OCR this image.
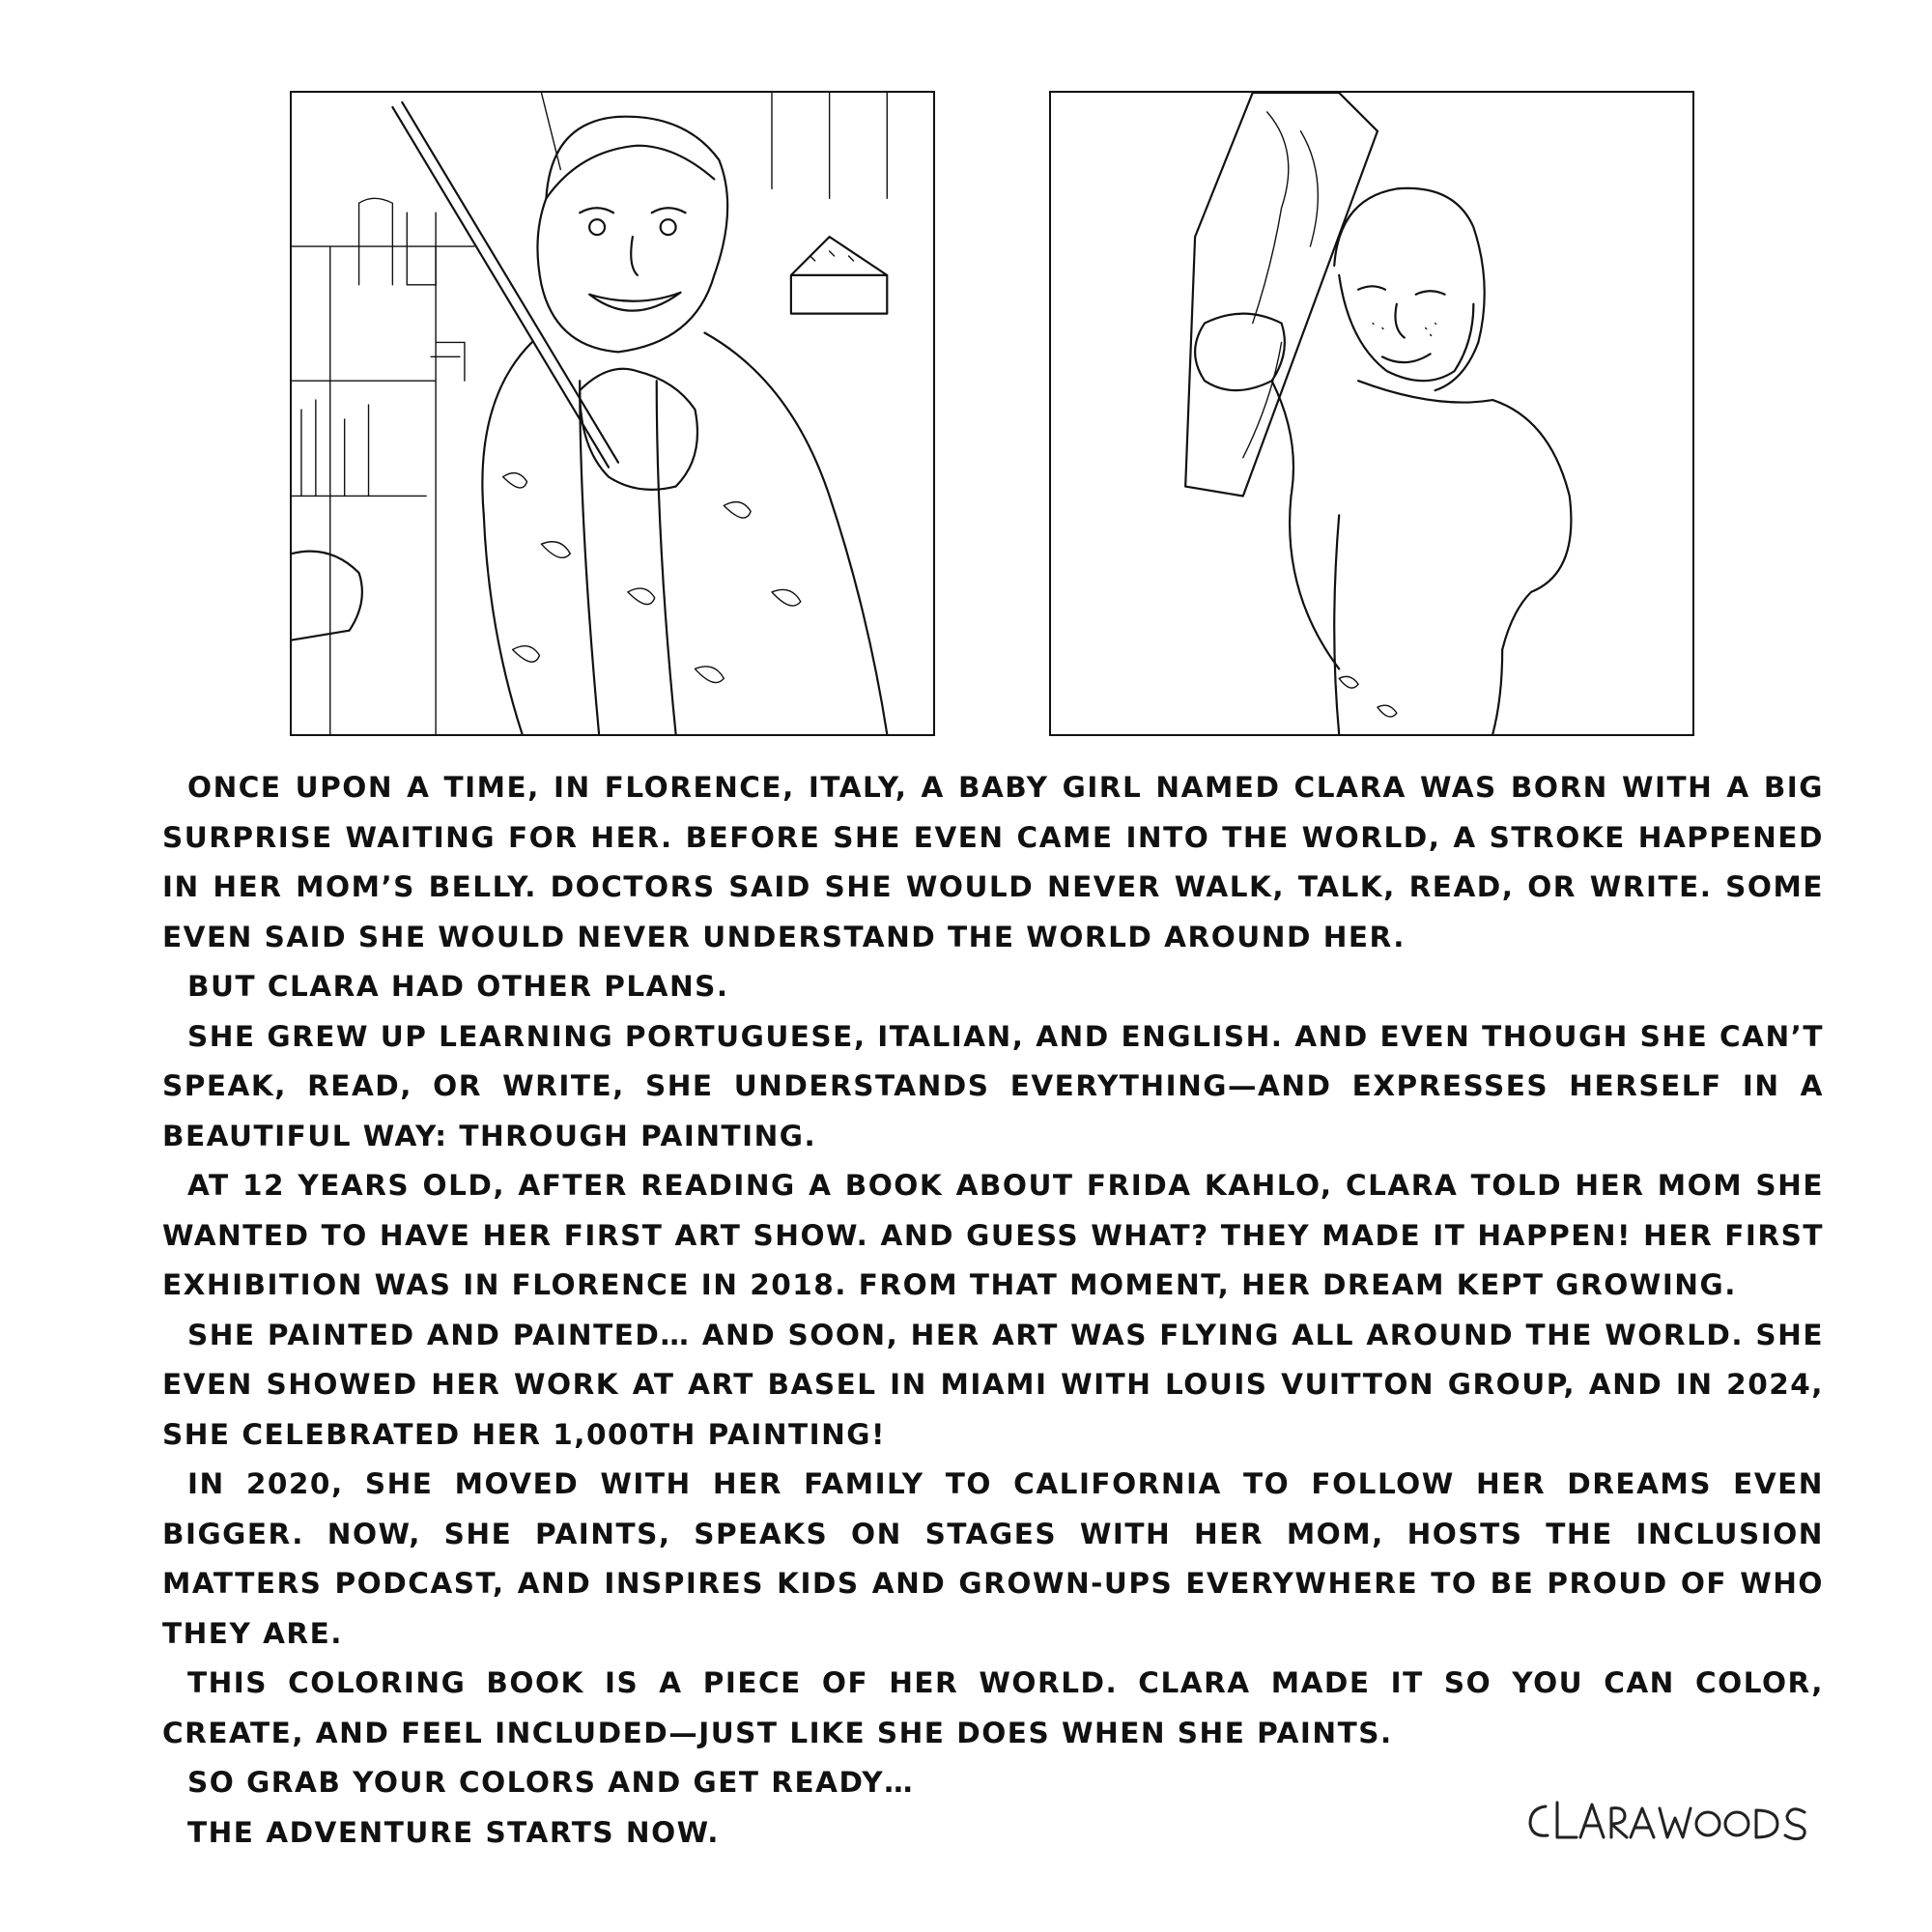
ONCE UPON A TIME, IN FLORENCE, ITALY, A BABY GIRL NAMED CLARA WAS BORN WITH A BIG SURPRISE WAITING FOR HER. BEFORE SHE EVEN CAME INTO THE WORLD, A STROKE HAPPENED IN HER MOM’S BELLY. DOCTORS SAID SHE WOULD NEVER WALK, TALK, READ, OR WRITE. SOME EVEN SAID SHE WOULD NEVER UNDERSTAND THE WORLD AROUND HER.

BUT CLARA HAD OTHER PLANS.

SHE GREW UP LEARNING PORTUGUESE, ITALIAN, AND ENGLISH. AND EVEN THOUGH SHE CAN’T SPEAK, READ, OR WRITE, SHE UNDERSTANDS EVERYTHING—AND EXPRESSES HERSELF IN A BEAUTIFUL WAY: THROUGH PAINTING.

AT 12 YEARS OLD, AFTER READING A BOOK ABOUT FRIDA KAHLO, CLARA TOLD HER MOM SHE WANTED TO HAVE HER FIRST ART SHOW. AND GUESS WHAT? THEY MADE IT HAPPEN! HER FIRST EXHIBITION WAS IN FLORENCE IN 2018. FROM THAT MOMENT, HER DREAM KEPT GROWING.

SHE PAINTED AND PAINTED… AND SOON, HER ART WAS FLYING ALL AROUND THE WORLD. SHE EVEN SHOWED HER WORK AT ART BASEL IN MIAMI WITH LOUIS VUITTON GROUP, AND IN 2024, SHE CELEBRATED HER 1,000TH PAINTING!

IN 2020, SHE MOVED WITH HER FAMILY TO CALIFORNIA TO FOLLOW HER DREAMS EVEN BIGGER. NOW, SHE PAINTS, SPEAKS ON STAGES WITH HER MOM, HOSTS THE INCLUSION MATTERS PODCAST, AND INSPIRES KIDS AND GROWN-UPS EVERYWHERE TO BE PROUD OF WHO THEY ARE.

THIS COLORING BOOK IS A PIECE OF HER WORLD. CLARA MADE IT SO YOU CAN COLOR, CREATE, AND FEEL INCLUDED—JUST LIKE SHE DOES WHEN SHE PAINTS.

SO GRAB YOUR COLORS AND GET READY…

THE ADVENTURE STARTS NOW.
